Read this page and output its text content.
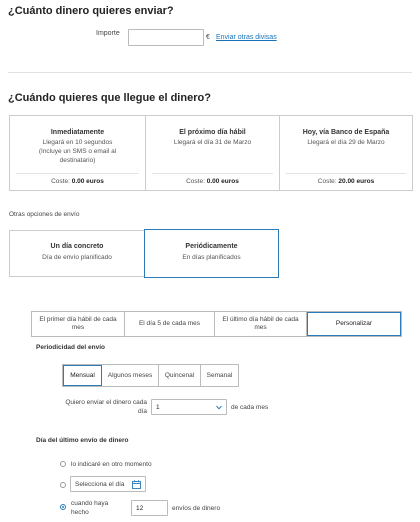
¿Cuánto dinero quieres enviar?
Importe
€ Enviar otras divisas
¿Cuándo quieres que llegue el dinero?
Inmediatamente
Llegará en 10 segundos
(Incluye un SMS o email al
destinatario)
Coste: 0.00 euros
El próximo día hábil
Llegará el día 31 de Marzo
Coste: 0.00 euros
Hoy, vía Banco de España
Llegará el día 29 de Marzo
Coste: 20.00 euros
Otras opciones de envío
Un día concreto
Día de envío planificado
Periódicamente
En días planificados
El primer día hábil de cada mes
El día 5 de cada mes
El último día hábil de cada mes
Personalizar
Periodicidad del envío
Mensual	Algunos meses	Quincenal	Semanal
Quiero enviar el dinero cada
día
1	de cada mes
Día del último envío de dinero
lo indicaré en otro momento
Selecciona el día
cuando haya
hecho
12	envíos de dinero
